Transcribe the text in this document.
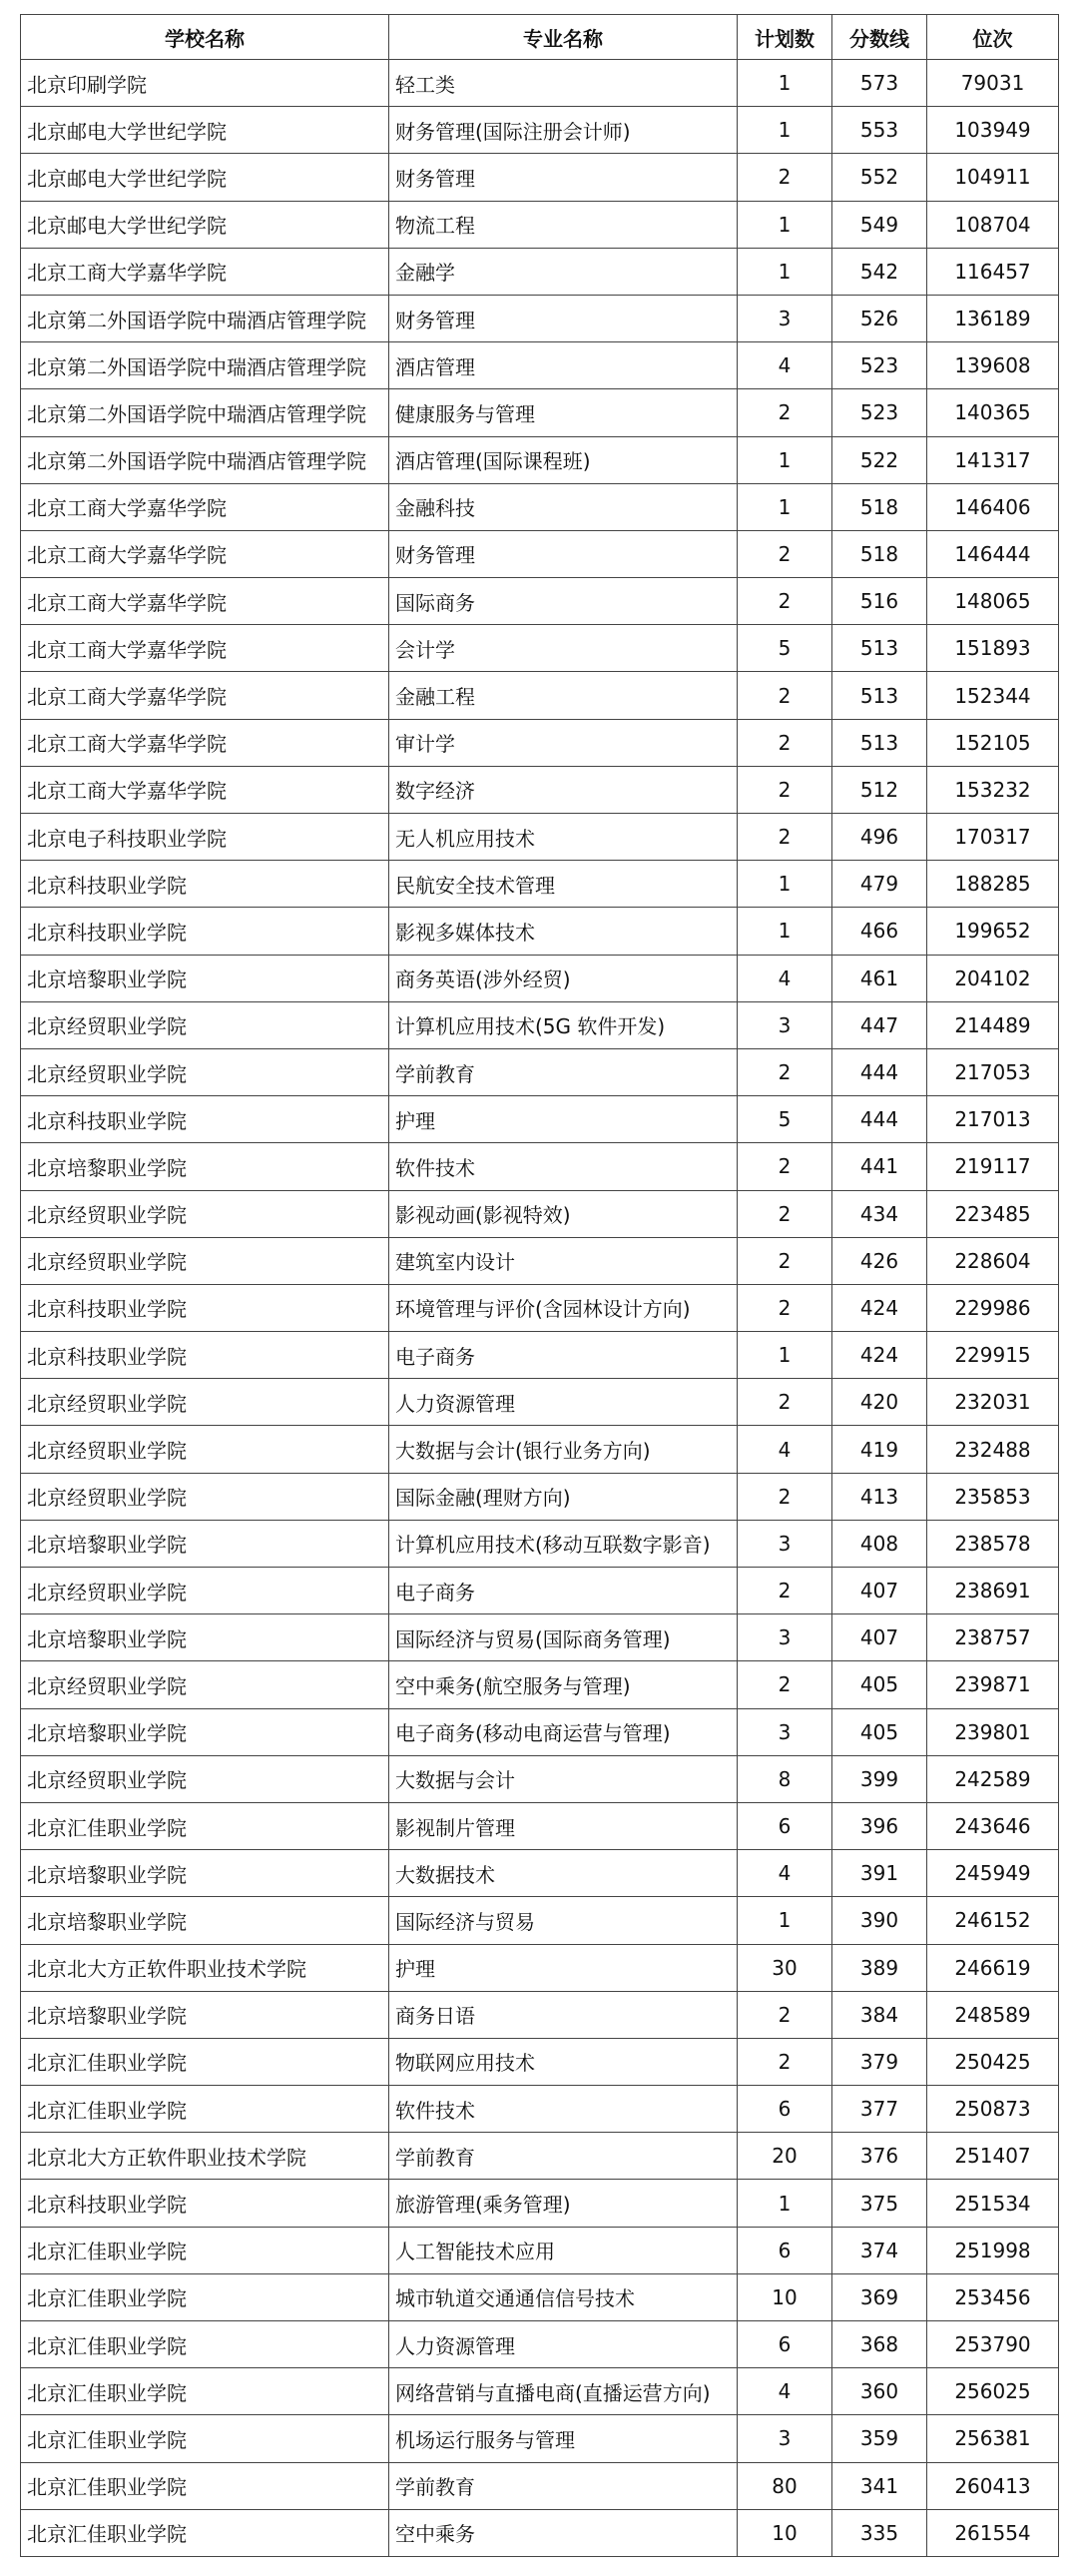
学校名称	专业名称	计划数	分数线	位次
北京印刷学院	轻工类	1	573	79031
北京邮电大学世纪学院	财务管理(国际注册会计师)	1	553	103949
北京邮电大学世纪学院	财务管理	2	552	104911
北京邮电大学世纪学院	物流工程	1	549	108704
北京工商大学嘉华学院	金融学	1	542	116457
北京第二外国语学院中瑞酒店管理学院	财务管理	3	526	136189
北京第二外国语学院中瑞酒店管理学院	酒店管理	4	523	139608
北京第二外国语学院中瑞酒店管理学院	健康服务与管理	2	523	140365
北京第二外国语学院中瑞酒店管理学院	酒店管理(国际课程班)	1	522	141317
北京工商大学嘉华学院	金融科技	1	518	146406
北京工商大学嘉华学院	财务管理	2	518	146444
北京工商大学嘉华学院	国际商务	2	516	148065
北京工商大学嘉华学院	会计学	5	513	151893
北京工商大学嘉华学院	金融工程	2	513	152344
北京工商大学嘉华学院	审计学	2	513	152105
北京工商大学嘉华学院	数字经济	2	512	153232
北京电子科技职业学院	无人机应用技术	2	496	170317
北京科技职业学院	民航安全技术管理	1	479	188285
北京科技职业学院	影视多媒体技术	1	466	199652
北京培黎职业学院	商务英语(涉外经贸)	4	461	204102
北京经贸职业学院	计算机应用技术(5G 软件开发)	3	447	214489
北京经贸职业学院	学前教育	2	444	217053
北京科技职业学院	护理	5	444	217013
北京培黎职业学院	软件技术	2	441	219117
北京经贸职业学院	影视动画(影视特效)	2	434	223485
北京经贸职业学院	建筑室内设计	2	426	228604
北京科技职业学院	环境管理与评价(含园林设计方向)	2	424	229986
北京科技职业学院	电子商务	1	424	229915
北京经贸职业学院	人力资源管理	2	420	232031
北京经贸职业学院	大数据与会计(银行业务方向)	4	419	232488
北京经贸职业学院	国际金融(理财方向)	2	413	235853
北京培黎职业学院	计算机应用技术(移动互联数字影音)	3	408	238578
北京经贸职业学院	电子商务	2	407	238691
北京培黎职业学院	国际经济与贸易(国际商务管理)	3	407	238757
北京经贸职业学院	空中乘务(航空服务与管理)	2	405	239871
北京培黎职业学院	电子商务(移动电商运营与管理)	3	405	239801
北京经贸职业学院	大数据与会计	8	399	242589
北京汇佳职业学院	影视制片管理	6	396	243646
北京培黎职业学院	大数据技术	4	391	245949
北京培黎职业学院	国际经济与贸易	1	390	246152
北京北大方正软件职业技术学院	护理	30	389	246619
北京培黎职业学院	商务日语	2	384	248589
北京汇佳职业学院	物联网应用技术	2	379	250425
北京汇佳职业学院	软件技术	6	377	250873
北京北大方正软件职业技术学院	学前教育	20	376	251407
北京科技职业学院	旅游管理(乘务管理)	1	375	251534
北京汇佳职业学院	人工智能技术应用	6	374	251998
北京汇佳职业学院	城市轨道交通通信信号技术	10	369	253456
北京汇佳职业学院	人力资源管理	6	368	253790
北京汇佳职业学院	网络营销与直播电商(直播运营方向)	4	360	256025
北京汇佳职业学院	机场运行服务与管理	3	359	256381
北京汇佳职业学院	学前教育	80	341	260413
北京汇佳职业学院	空中乘务	10	335	261554
